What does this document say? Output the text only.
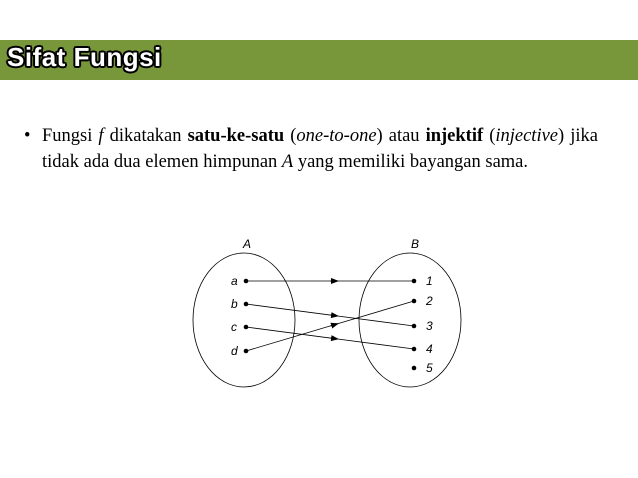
Sifat Fungsi
• Fungsi f dikatakan satu-ke-satu (one-to-one) atau injektif (injective) jika tidak ada dua elemen himpunan A yang memiliki bayangan sama.

A	B
a
b
c
d
1
2
3
4
5
